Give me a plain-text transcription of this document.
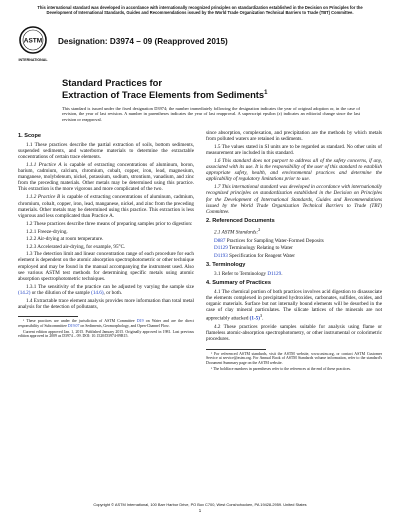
This international standard was developed in accordance with internationally recognized principles on standardization established in the Decision on Principles for the Development of International Standards, Guides and Recommendations issued by the World Trade Organization Technical Barriers to Trade (TBT) Committee.
ASTM
INTERNATIONAL
Designation: D3974 – 09 (Reapproved 2015)
Standard Practices for
Extraction of Trace Elements from Sediments$^1$
This standard is issued under the fixed designation D3974; the number immediately following the designation indicates the year of original adoption or, in the case of revision, the year of last revision. A number in parentheses indicates the year of last reapproval. A superscript epsilon (ε) indicates an editorial change since the last revision or reapproval.
1. Scope

1.1 These practices describe the partial extraction of soils, bottom sediments, suspended sediments, and waterborne materials to determine the extractable concentrations of certain trace elements.

1.1.1 Practice A is capable of extracting concentrations of aluminum, boron, barium, cadmium, calcium, chromium, cobalt, copper, iron, lead, magnesium, manganese, molybdenum, nickel, potassium, sodium, strontium, vanadium, and zinc from the preceding materials. Other metals may be determined using this practice. This extraction is the more vigorous and more complicated of the two.

1.1.2 Practice B is capable of extracting concentrations of aluminum, cadmium, chromium, cobalt, copper, iron, lead, manganese, nickel, and zinc from the preceding materials. Other metals may be determined using this practice. This extraction is less vigorous and less complicated than Practice A.

1.2 These practices describe three means of preparing samples prior to digestion:

1.2.1 Freeze-drying.

1.2.2 Air-drying at room temperature.

1.2.3 Accelerated air-drying, for example, 95°C.

1.3 The detection limit and linear concentration range of each procedure for each element is dependent on the atomic absorption spectrophotometric or other technique employed and may be found in the manual accompanying the instrument used. Also see various ASTM test methods for determining specific metals using atomic absorption spectrophotometric techniques.

1.3.1 The sensitivity of the practice can be adjusted by varying the sample size (14.2) or the dilution of the sample (14.6), or both.

1.4 Extractable trace element analysis provides more information than total metal analysis for the detection of pollutants,

¹ These practices are under the jurisdiction of ASTM Committee D19 on Water and are the direct responsibility of Subcommittee D19.07 on Sediments, Geomorphology, and Open-Channel Flow.

Current edition approved Jan. 1, 2015. Published January 2015. Originally approved in 1981. Last previous edition approved in 2009 as D3974 – 09. DOI: 10.1520/D3974-09R15.

since absorption, complexation, and precipitation are the methods by which metals from polluted waters are retained in sediments.

1.5 The values stated in SI units are to be regarded as standard. No other units of measurement are included in this standard.

1.6 This standard does not purport to address all of the safety concerns, if any, associated with its use. It is the responsibility of the user of this standard to establish appropriate safety, health, and environmental practices and determine the applicability of regulatory limitations prior to use.

1.7 This international standard was developed in accordance with internationally recognized principles on standardization established in the Decision on Principles for the Development of International Standards, Guides and Recommendations issued by the World Trade Organization Technical Barriers to Trade (TBT) Committee.

2. Referenced Documents

2.1 ASTM Standards:$^2$

D887 Practices for Sampling Water-Formed Deposits

D1129 Terminology Relating to Water

D1193 Specification for Reagent Water

3. Terminology

3.1 Refer to Terminology D1129.

4. Summary of Practices

4.1 The chemical portion of both practices involves acid digestion to disassociate the elements complexed in precipitated hydroxides, carbonates, sulfides, oxides, and organic materials. Surface but not internally bound elements will be desorbed in the case of clay mineral particulates. The silicate lattices of the minerals are not appreciably attacked $(1-5)^3$.

4.2 These practices provide samples suitable for analysis using flame or flameless atomic-absorption spectrophotometry, or other instrumental or colorimetric procedures.

² For referenced ASTM standards, visit the ASTM website, www.astm.org, or contact ASTM Customer Service at service@astm.org. For Annual Book of ASTM Standards volume information, refer to the standard's Document Summary page on the ASTM website.

³ The boldface numbers in parentheses refer to the references at the end of these practices.

Copyright © ASTM International, 100 Barr Harbor Drive, PO Box C700, West Conshohocken, PA 19428-2959. United States
1
